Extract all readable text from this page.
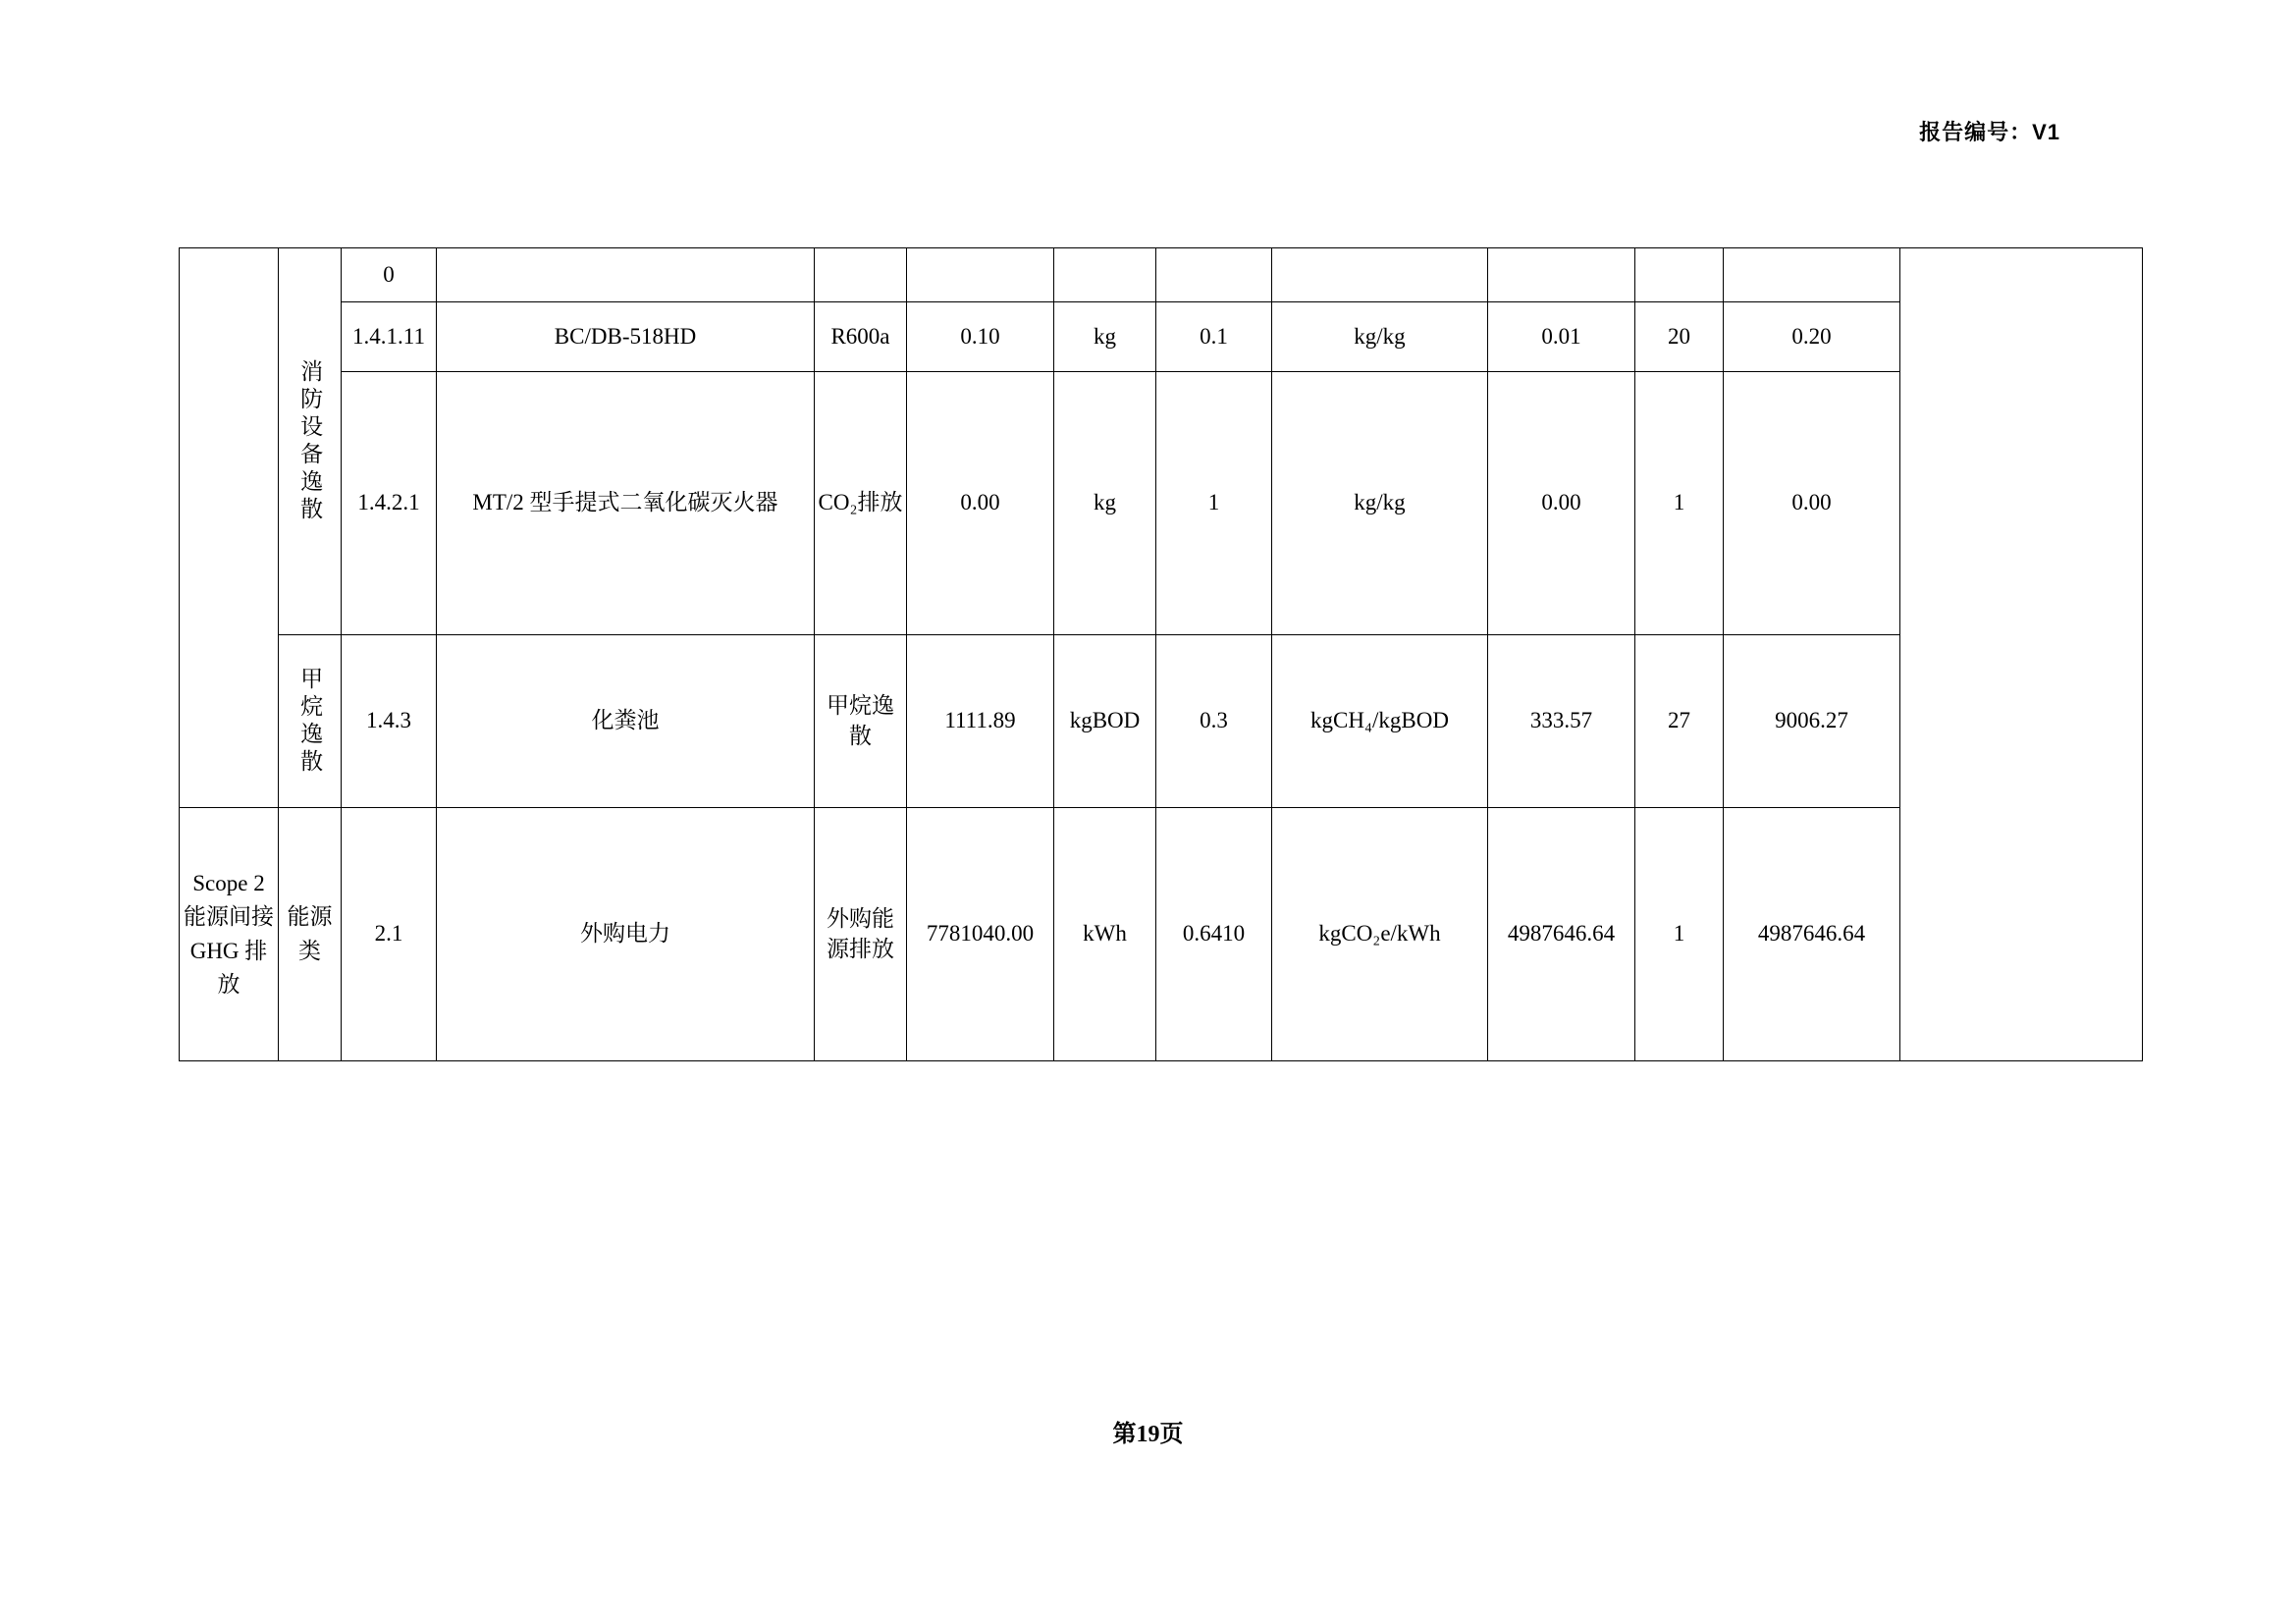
报告编号：V1

	消防设备逸散	0										
		1.4.1.11	BC/DB-518HD	R600a	0.10	kg	0.1	kg/kg	0.01	20	0.20	
		1.4.2.1	MT/2 型手提式二氧化碳灭火器	CO₂排放	0.00	kg	1	kg/kg	0.00	1	0.00	

	甲烷逸散	1.4.3	化粪池	甲烷逸散	1111.89	kgBOD	0.3	kgCH₄/kgBOD	333.57	27	9006.27	

Scope 2 能源间接 GHG 排放	能源类	2.1	外购电力	外购能源排放	7781040.00	kWh	0.6410	kgCO₂e/kWh	4987646.64	1	4987646.64	
第19页
